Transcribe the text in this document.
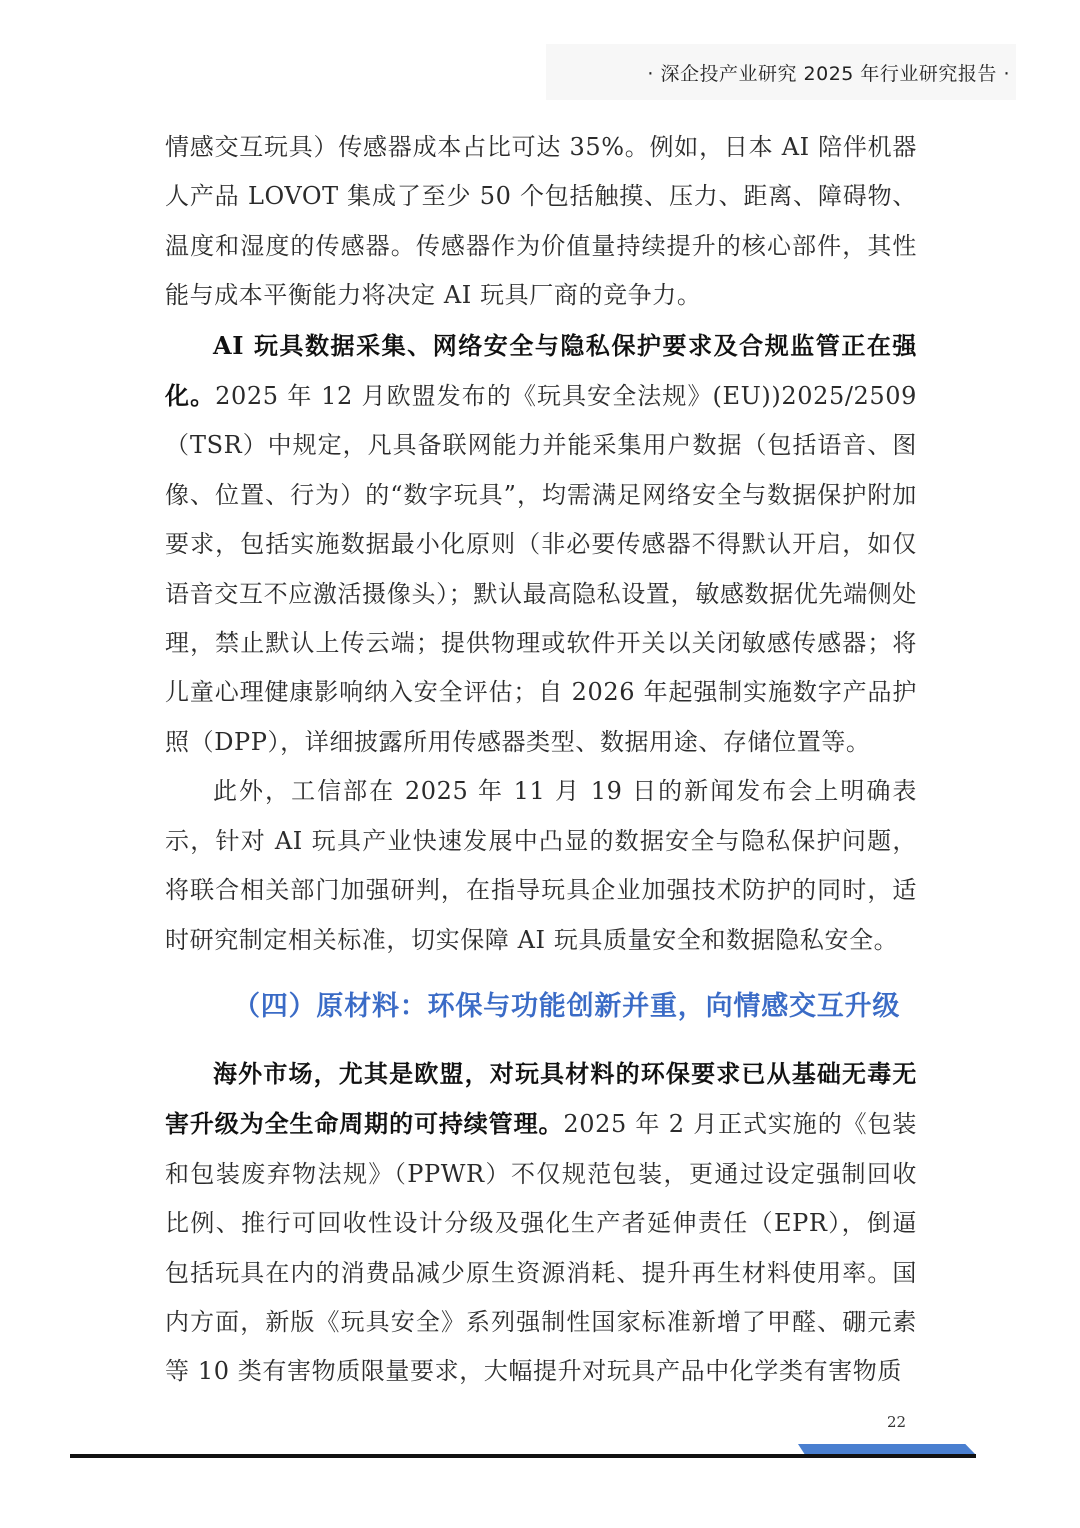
· 深企投产业研究 2025 年行业研究报告 ·

情感交互玩具）传感器成本占比可达 35%。例如，日本 AI 陪伴机器人产品 LOVOT 集成了至少 50 个包括触摸、压力、距离、障碍物、温度和湿度的传感器。传感器作为价值量持续提升的核心部件，其性能与成本平衡能力将决定 AI 玩具厂商的竞争力。

AI 玩具数据采集、网络安全与隐私保护要求及合规监管正在强化。2025 年 12 月欧盟发布的《玩具安全法规》(EU))2025/2509（TSR）中规定，凡具备联网能力并能采集用户数据（包括语音、图像、位置、行为）的“数字玩具”，均需满足网络安全与数据保护附加要求，包括实施数据最小化原则（非必要传感器不得默认开启，如仅语音交互不应激活摄像头）；默认最高隐私设置，敏感数据优先端侧处理，禁止默认上传云端；提供物理或软件开关以关闭敏感传感器；将儿童心理健康影响纳入安全评估；自 2026 年起强制实施数字产品护照（DPP），详细披露所用传感器类型、数据用途、存储位置等。

此外，工信部在 2025 年 11 月 19 日的新闻发布会上明确表示，针对 AI 玩具产业快速发展中凸显的数据安全与隐私保护问题，将联合相关部门加强研判，在指导玩具企业加强技术防护的同时，适时研究制定相关标准，切实保障 AI 玩具质量安全和数据隐私安全。

（四）原材料：环保与功能创新并重，向情感交互升级

海外市场，尤其是欧盟，对玩具材料的环保要求已从基础无毒无害升级为全生命周期的可持续管理。2025 年 2 月正式实施的《包装和包装废弃物法规》（PPWR）不仅规范包装，更通过设定强制回收比例、推行可回收性设计分级及强化生产者延伸责任（EPR），倒逼包括玩具在内的消费品减少原生资源消耗、提升再生材料使用率。国内方面，新版《玩具安全》系列强制性国家标准新增了甲醛、硼元素等 10 类有害物质限量要求，大幅提升对玩具产品中化学类有害物质

22
